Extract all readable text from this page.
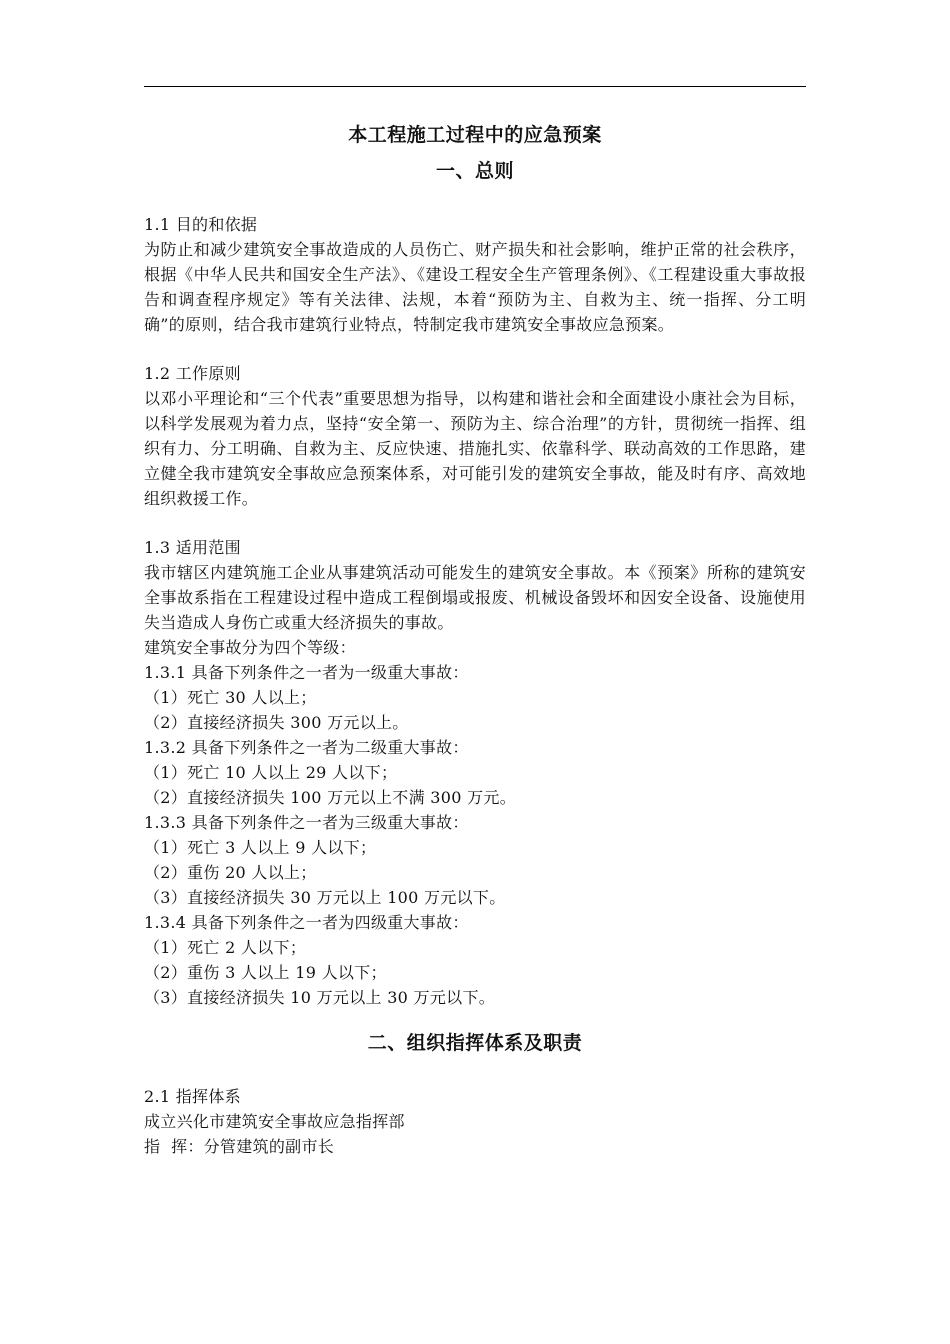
本工程施工过程中的应急预案
一、总则

1.1 目的和依据

为防止和减少建筑安全事故造成的人员伤亡、财产损失和社会影响，维护正常的社会秩序，根据《中华人民共和国安全生产法》、《建设工程安全生产管理条例》、《工程建设重大事故报告和调查程序规定》等有关法律、法规，本着“预防为主、自救为主、统一指挥、分工明确”的原则，结合我市建筑行业特点，特制定我市建筑安全事故应急预案。

1.2 工作原则

以邓小平理论和“三个代表”重要思想为指导，以构建和谐社会和全面建设小康社会为目标，以科学发展观为着力点，坚持“安全第一、预防为主、综合治理”的方针，贯彻统一指挥、组织有力、分工明确、自救为主、反应快速、措施扎实、依靠科学、联动高效的工作思路，建立健全我市建筑安全事故应急预案体系，对可能引发的建筑安全事故，能及时有序、高效地组织救援工作。

1.3 适用范围

我市辖区内建筑施工企业从事建筑活动可能发生的建筑安全事故。本《预案》所称的建筑安全事故系指在工程建设过程中造成工程倒塌或报废、机械设备毁坏和因安全设备、设施使用失当造成人身伤亡或重大经济损失的事故。

建筑安全事故分为四个等级：

1.3.1 具备下列条件之一者为一级重大事故：

（1）死亡 30 人以上；

（2）直接经济损失 300 万元以上。

1.3.2 具备下列条件之一者为二级重大事故：

（1）死亡 10 人以上 29 人以下；

（2）直接经济损失 100 万元以上不满 300 万元。

1.3.3 具备下列条件之一者为三级重大事故：

（1）死亡 3 人以上 9 人以下；

（2）重伤 20 人以上；

（3）直接经济损失 30 万元以上 100 万元以下。

1.3.4 具备下列条件之一者为四级重大事故：

（1）死亡 2 人以下；

（2）重伤 3 人以上 19 人以下；

（3）直接经济损失 10 万元以上 30 万元以下。

二、组织指挥体系及职责

2.1 指挥体系

成立兴化市建筑安全事故应急指挥部

指  挥：分管建筑的副市长
